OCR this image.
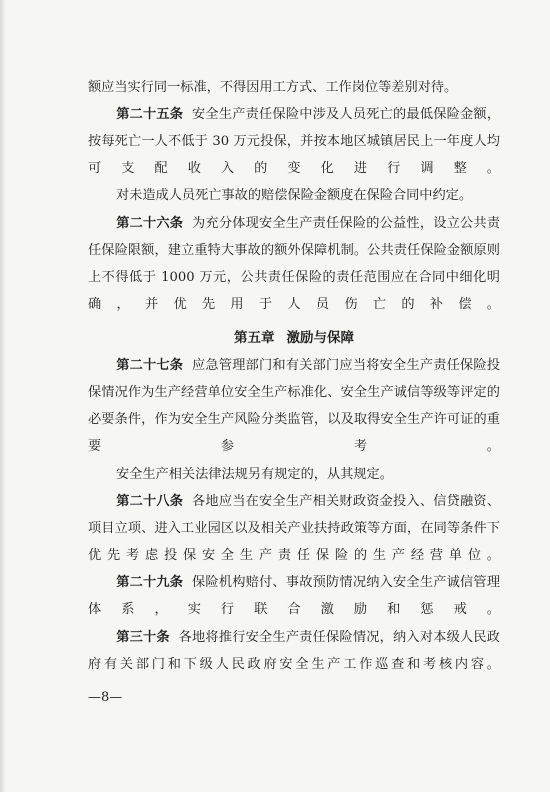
额应当实行同一标准，不得因用工方式、工作岗位等差别对待。

第二十五条 安全生产责任保险中涉及人员死亡的最低保险金额，按每死亡一人不低于 30 万元投保，并按本地区城镇居民上一年度人均可支配收入的变化进行调整。

对未造成人员死亡事故的赔偿保险金额度在保险合同中约定。

第二十六条 为充分体现安全生产责任保险的公益性，设立公共责任保险限额，建立重特大事故的额外保障机制。公共责任保险金额原则上不得低于 1000 万元，公共责任保险的责任范围应在合同中细化明确，并优先用于人员伤亡的补偿。

第五章 激励与保障

第二十七条 应急管理部门和有关部门应当将安全生产责任保险投保情况作为生产经营单位安全生产标准化、安全生产诚信等级等评定的必要条件，作为安全生产风险分类监管，以及取得安全生产许可证的重要参考。

安全生产相关法律法规另有规定的，从其规定。

第二十八条 各地应当在安全生产相关财政资金投入、信贷融资、项目立项、进入工业园区以及相关产业扶持政策等方面，在同等条件下优先考虑投保安全生产责任保险的生产经营单位。

第二十九条 保险机构赔付、事故预防情况纳入安全生产诚信管理体系，实行联合激励和惩戒。

第三十条 各地将推行安全生产责任保险情况，纳入对本级人民政府有关部门和下级人民政府安全生产工作巡查和考核内容。

—8—
